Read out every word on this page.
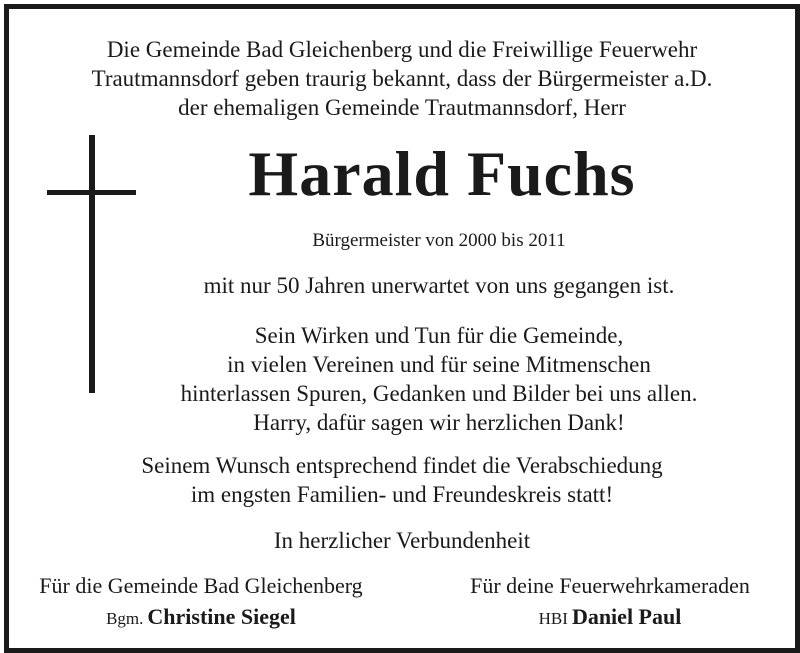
Die Gemeinde Bad Gleichenberg und die Freiwillige Feuerwehr
Trautmannsdorf geben traurig bekannt, dass der Bürgermeister a.D.
der ehemaligen Gemeinde Trautmannsdorf, Herr
Harald Fuchs
Bürgermeister von 2000 bis 2011
mit nur 50 Jahren unerwartet von uns gegangen ist.
Sein Wirken und Tun für die Gemeinde,
in vielen Vereinen und für seine Mitmenschen
hinterlassen Spuren, Gedanken und Bilder bei uns allen.
Harry, dafür sagen wir herzlichen Dank!
Seinem Wunsch entsprechend findet die Verabschiedung
im engsten Familien- und Freundeskreis statt!
In herzlicher Verbundenheit
Für die Gemeinde Bad Gleichenberg
Bgm. Christine Siegel
Für deine Feuerwehrkameraden
HBI Daniel Paul
